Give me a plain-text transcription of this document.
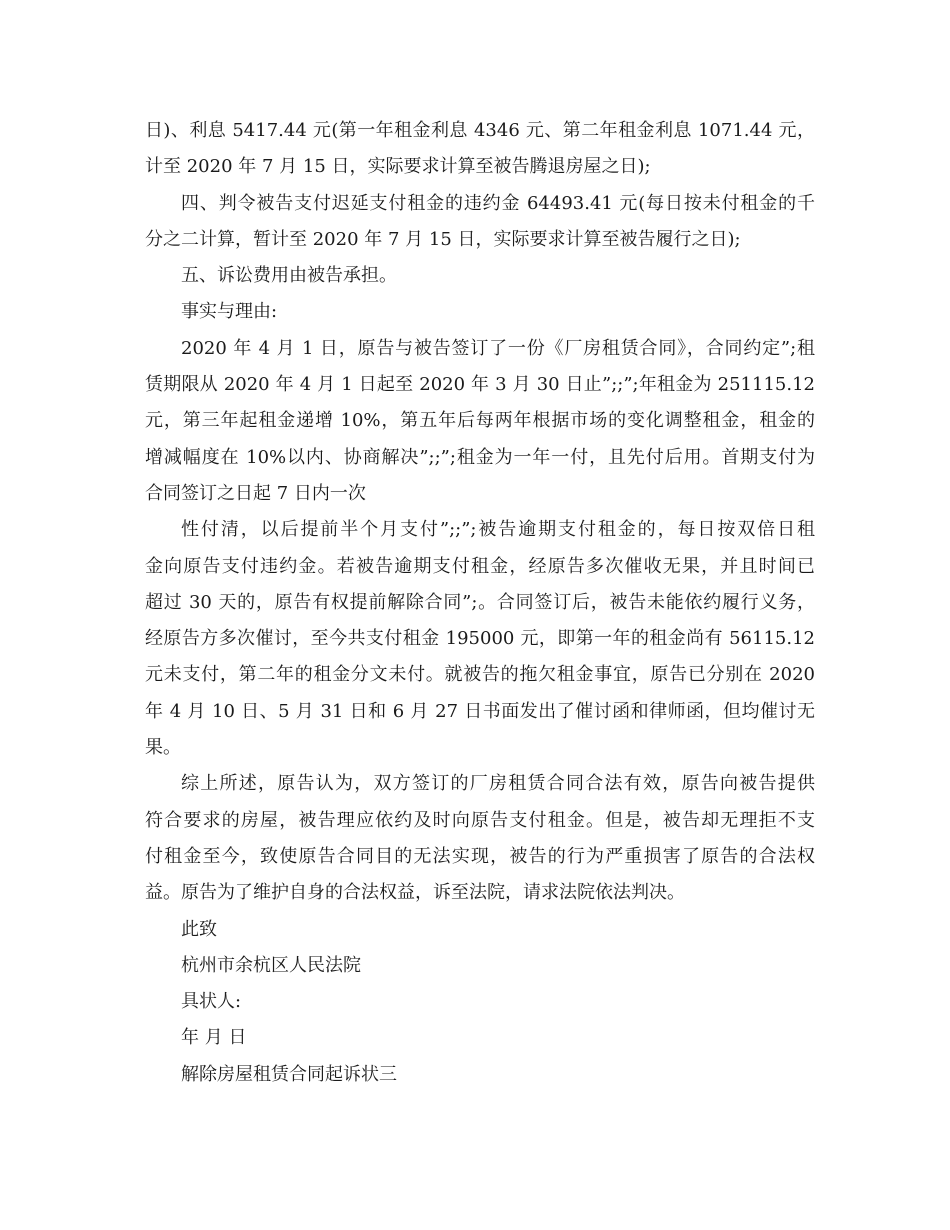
日)、利息 5417.44 元(第一年租金利息 4346 元、第二年租金利息 1071.44 元，
计至 2020 年 7 月 15 日，实际要求计算至被告腾退房屋之日);
四、判令被告支付迟延支付租金的违约金 64493.41 元(每日按未付租金的千
分之二计算，暂计至 2020 年 7 月 15 日，实际要求计算至被告履行之日);
五、诉讼费用由被告承担。
事实与理由:
2020 年 4 月 1 日，原告与被告签订了一份《厂房租赁合同》，合同约定”;租
赁期限从 2020 年 4 月 1 日起至 2020 年 3 月 30 日止”;;”;年租金为 251115.12
元，第三年起租金递增 10%，第五年后每两年根据市场的变化调整租金，租金的
增减幅度在 10%以内、协商解决”;;”;租金为一年一付，且先付后用。首期支付为
合同签订之日起 7 日内一次
性付清，以后提前半个月支付”;;”;被告逾期支付租金的，每日按双倍日租
金向原告支付违约金。若被告逾期支付租金，经原告多次催收无果，并且时间已
超过 30 天的，原告有权提前解除合同”;。合同签订后，被告未能依约履行义务，
经原告方多次催讨，至今共支付租金 195000 元，即第一年的租金尚有 56115.12
元未支付，第二年的租金分文未付。就被告的拖欠租金事宜，原告已分别在 2020
年 4 月 10 日、5 月 31 日和 6 月 27 日书面发出了催讨函和律师函，但均催讨无
果。
综上所述，原告认为，双方签订的厂房租赁合同合法有效，原告向被告提供
符合要求的房屋，被告理应依约及时向原告支付租金。但是，被告却无理拒不支
付租金至今，致使原告合同目的无法实现，被告的行为严重损害了原告的合法权
益。原告为了维护自身的合法权益，诉至法院，请求法院依法判决。
此致
杭州市余杭区人民法院
具状人:
年 月 日
解除房屋租赁合同起诉状三
